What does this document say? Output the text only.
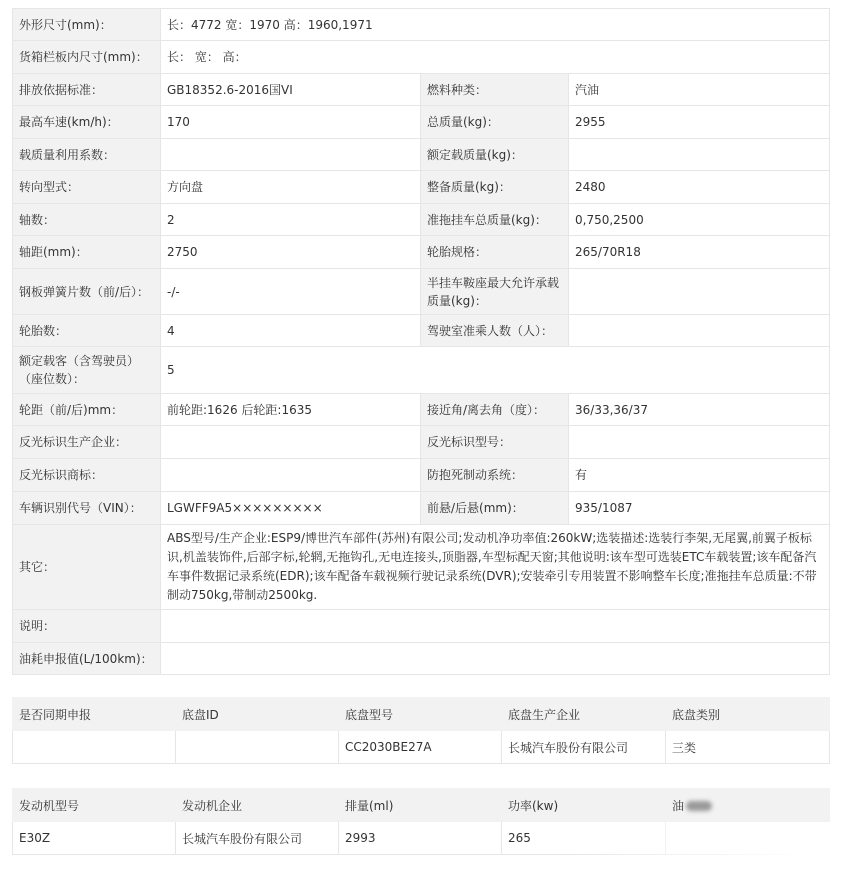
外形尺寸(mm)：	长：4772 宽：1970 高：1960,1971		
货箱栏板内尺寸(mm)：	长： 宽： 高：		
排放依据标准：	GB18352.6-2016国VI	燃料种类：	汽油
最高车速(km/h)：	170	总质量(kg)：	2955
载质量利用系数：		额定载质量(kg)：	
转向型式：	方向盘	整备质量(kg)：	2480
轴数：	2	准拖挂车总质量(kg)：	0,750,2500
轴距(mm)：	2750	轮胎规格：	265/70R18
钢板弹簧片数（前/后）：	-/-	半挂车鞍座最大允许承载质量(kg)：	
轮胎数：	4	驾驶室准乘人数（人）：	
额定载客（含驾驶员）（座位数）：	5		
轮距（前/后)mm：	前轮距:1626 后轮距:1635	接近角/离去角（度）：	36/33,36/37
反光标识生产企业：		反光标识型号：	
反光标识商标：		防抱死制动系统：	有
车辆识别代号（VIN）：	LGWFF9A5×××××××××	前悬/后悬(mm)：	935/1087
其它：	ABS型号/生产企业:ESP9/博世汽车部件(苏州)有限公司;发动机净功率值:260kW;选装描述:选装行李架,无尾翼,前翼子板标识,机盖装饰件,后部字标,轮辋,无拖钩孔,无电连接头,顶脂器,车型标配天窗;其他说明:该车型可选装ETC车载装置;该车配备汽车事件数据记录系统(EDR);该车配备车载视频行驶记录系统(DVR);安装牵引专用装置不影响整车长度;准拖挂车总质量:不带制动750kg,带制动2500kg.		
说明：			
油耗申报值(L/100km)：			
是否同期申报	底盘ID	底盘型号	底盘生产企业	底盘类别
		CC2030BE27A	长城汽车股份有限公司	三类
发动机型号	发动机企业	排量(ml)	功率(kw)	油
E30Z	长城汽车股份有限公司	2993	265	
